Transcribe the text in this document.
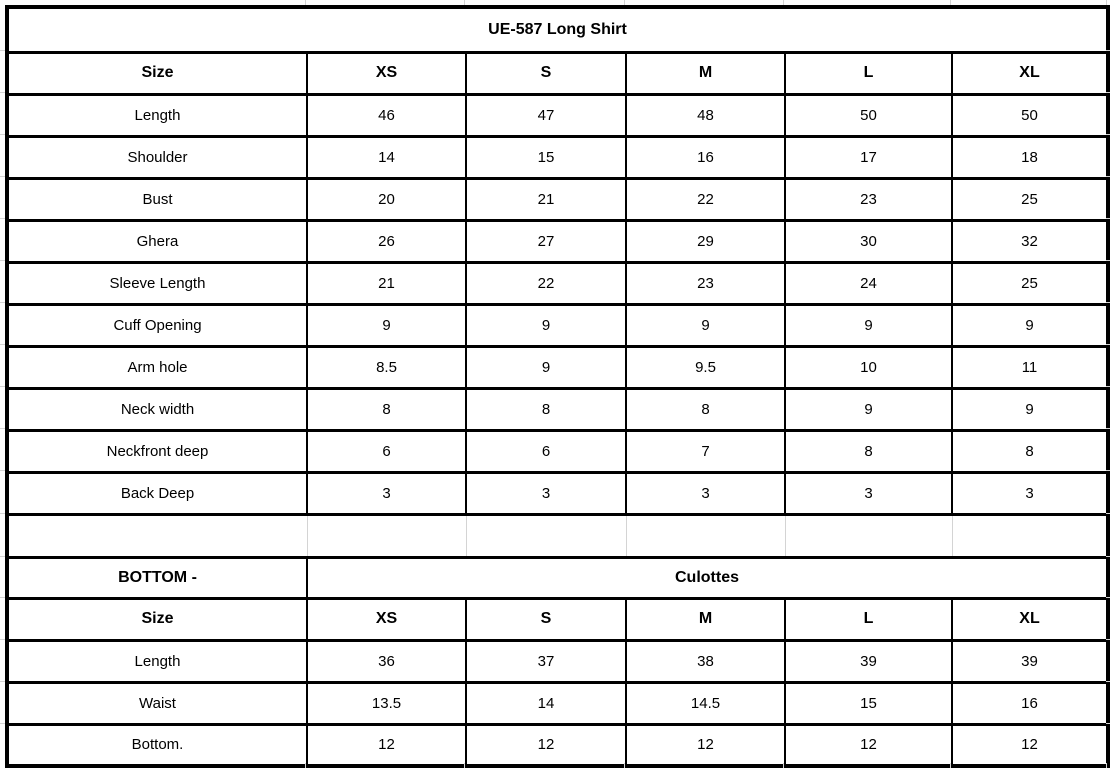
UE-587 Long Shirt					
Size	XS	S	M	L	XL
Length	46	47	48	50	50
Shoulder	14	15	16	17	18
Bust	20	21	22	23	25
Ghera	26	27	29	30	32
Sleeve Length	21	22	23	24	25
Cuff Opening	9	9	9	9	9
Arm hole	8.5	9	9.5	10	11
Neck width	8	8	8	9	9
Neckfront deep	6	6	7	8	8
Back Deep	3	3	3	3	3

BOTTOM -	Culottes				
Size	XS	S	M	L	XL
Length	36	37	38	39	39
Waist	13.5	14	14.5	15	16
Bottom.	12	12	12	12	12
